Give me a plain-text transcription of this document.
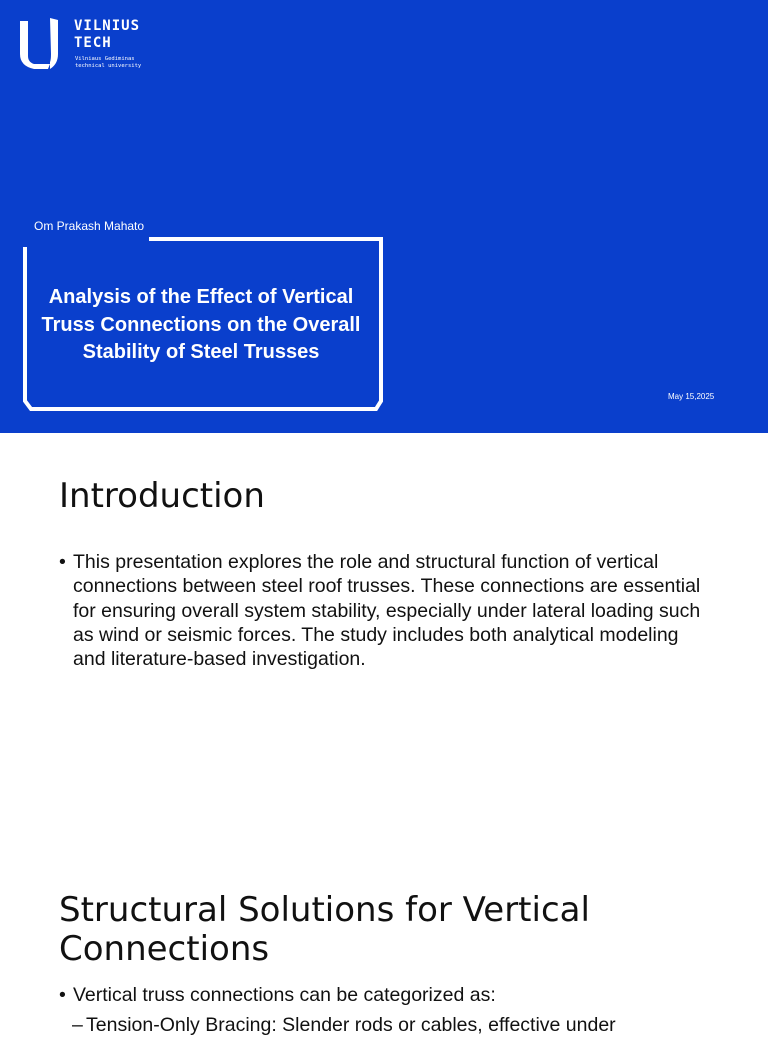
VILNIUS
TECH
Vilniaus Gediminas
technical university
Om Prakash Mahato
Analysis of the Effect of Vertical Truss Connections on the Overall Stability of Steel Trusses
May 15,2025
Introduction
• This presentation explores the role and structural function of vertical connections between steel roof trusses. These connections are essential for ensuring overall system stability, especially under lateral loading such as wind or seismic forces. The study includes both analytical modeling and literature-based investigation.
Structural Solutions for Vertical Connections
• Vertical truss connections can be categorized as:
– Tension-Only Bracing: Slender rods or cables, effective under
